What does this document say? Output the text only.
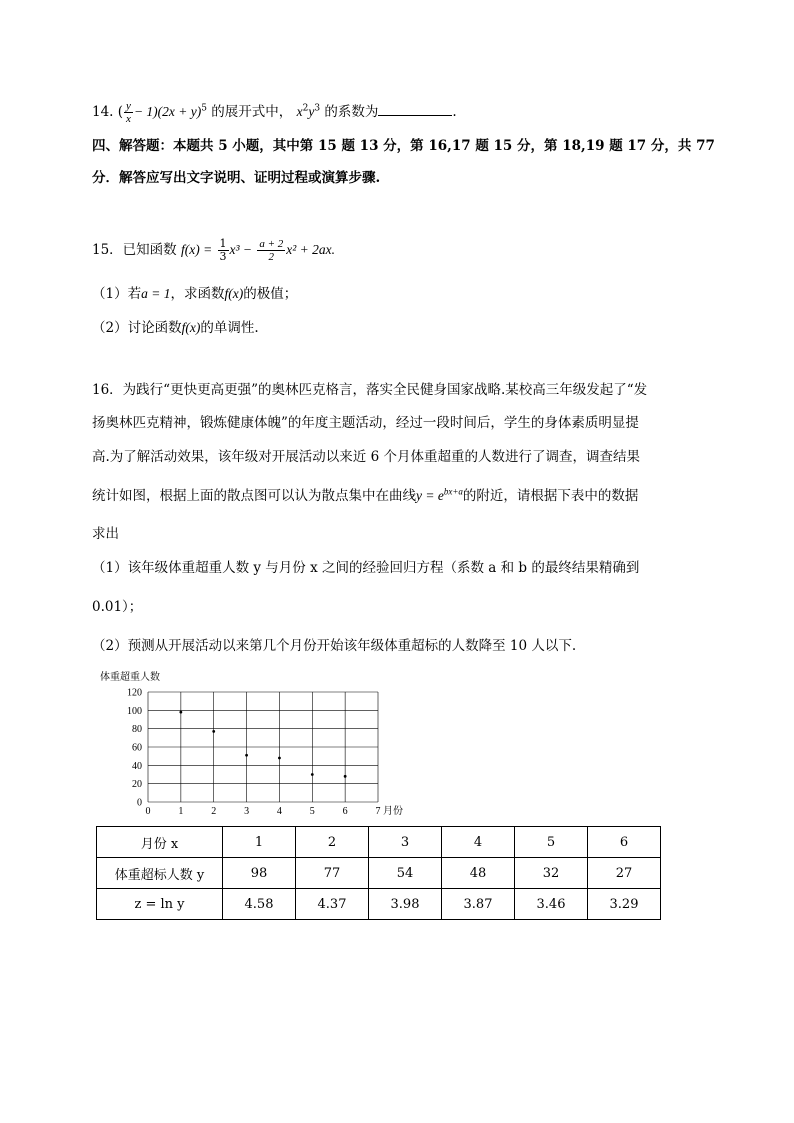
14. ( $\frac{y}{x} - 1)(2x + y)^5$ 的展开式中， $x^2y^3$ 的系数为	.
四、解答题：本题共 5 小题，其中第 15 题 13 分，第 16,17 题 15 分，第 18,19 题 17 分，共 77
分．解答应写出文字说明、证明过程或演算步骤.
15．已知函数 $f(x) = \frac{1}{3} x^3 - \frac{a + 2}{2} x^2 + 2ax$.
（1）若a = 1，求函数f(x)的极值；
（2）讨论函数f(x)的单调性.
16．为践行“更快更高更强”的奥林匹克格言，落实全民健身国家战略.某校高三年级发起了“发
扬奥林匹克精神，锻炼健康体魄”的年度主题活动，经过一段时间后，学生的身体素质明显提
高.为了解活动效果，该年级对开展活动以来近 6 个月体重超重的人数进行了调查，调查结果
统计如图，根据上面的散点图可以认为散点集中在曲线$y = e^{bx+a}$的附近，请根据下表中的数据
求出
（1）该年级体重超重人数 y 与月份 x 之间的经验回归方程（系数 a 和 b 的最终结果精确到
0.01）；
（2）预测从开展活动以来第几个月份开始该年级体重超标的人数降至 10 人以下.
体重超重人数
0
20
40
60
80
100
120
0	1	2	3	4	5	6	7 月份
月份 x	1	2	3	4	5	6
体重超标人数 y	98	77	54	48	32	27
z = ln y	4.58	4.37	3.98	3.87	3.46	3.29
